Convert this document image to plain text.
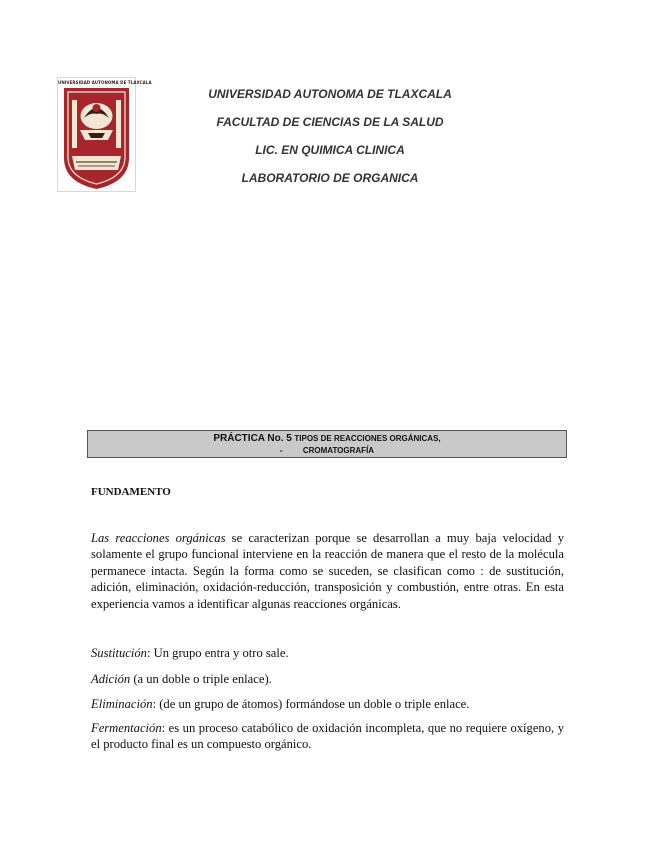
UNIVERSIDAD AUTONOMA DE TLAXCALA
UNIVERSIDAD AUTONOMA DE TLAXCALA
FACULTAD DE CIENCIAS DE LA SALUD
LIC. EN QUIMICA CLINICA
LABORATORIO DE ORGANICA
PRÁCTICA No. 5 TIPOS DE REACCIONES ORGÁNICAS,
-	CROMATOGRAFÍA
FUNDAMENTO
Las reacciones orgánicas se caracterizan porque se desarrollan a muy baja velocidad y solamente el grupo funcional interviene en la reacción de manera que el resto de la molécula permanece intacta. Según la forma como se suceden, se clasifican como : de sustitución, adición, eliminación, oxidación-reducción, transposición y combustión, entre otras. En esta experiencia vamos a identificar algunas reacciones orgánicas.
Sustitución: Un grupo entra y otro sale.
Adición (a un doble o triple enlace).
Eliminación: (de un grupo de átomos) formándose un doble o triple enlace.
Fermentación: es un proceso catabólico de oxidación incompleta, que no requiere oxígeno, y el producto final es un compuesto orgánico.
